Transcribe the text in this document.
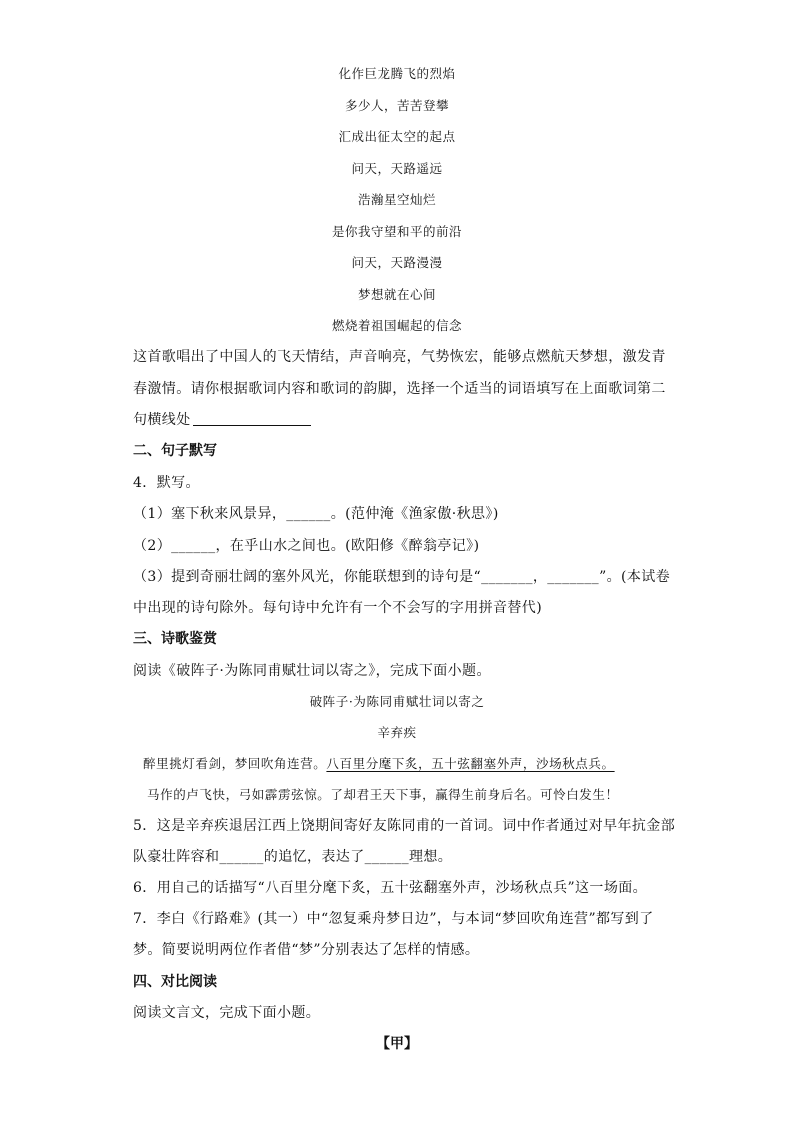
化作巨龙腾飞的烈焰
多少人，苦苦登攀
汇成出征太空的起点
问天，天路遥远
浩瀚星空灿烂
是你我守望和平的前沿
问天，天路漫漫
梦想就在心间
燃烧着祖国崛起的信念
这首歌唱出了中国人的飞天情结，声音响亮，气势恢宏，能够点燃航天梦想，激发青
春激情。请你根据歌词内容和歌词的韵脚，选择一个适当的词语填写在上面歌词第二
句横线处
二、句子默写
4．默写。
（1）塞下秋来风景异，______。(范仲淹《渔家傲·秋思》)
（2）______，在乎山水之间也。(欧阳修《醉翁亭记》)
（3）提到奇丽壮阔的塞外风光，你能联想到的诗句是“_______，_______”。(本试卷
中出现的诗句除外。每句诗中允许有一个不会写的字用拼音替代)
三、诗歌鉴赏
阅读《破阵子·为陈同甫赋壮词以寄之》，完成下面小题。
破阵子·为陈同甫赋壮词以寄之
辛弃疾
醉里挑灯看剑，梦回吹角连营。八百里分麾下炙，五十弦翻塞外声，沙场秋点兵。
马作的卢飞快，弓如霹雳弦惊。了却君王天下事，赢得生前身后名。可怜白发生！
5．这是辛弃疾退居江西上饶期间寄好友陈同甫的一首词。词中作者通过对早年抗金部
队豪壮阵容和______的追忆，表达了______理想。
6．用自己的话描写“八百里分麾下炙，五十弦翻塞外声，沙场秋点兵”这一场面。
7．李白《行路难》(其一）中“忽复乘舟梦日边”，与本词“梦回吹角连营”都写到了
梦。简要说明两位作者借“梦”分别表达了怎样的情感。
四、对比阅读
阅读文言文，完成下面小题。
【甲】
